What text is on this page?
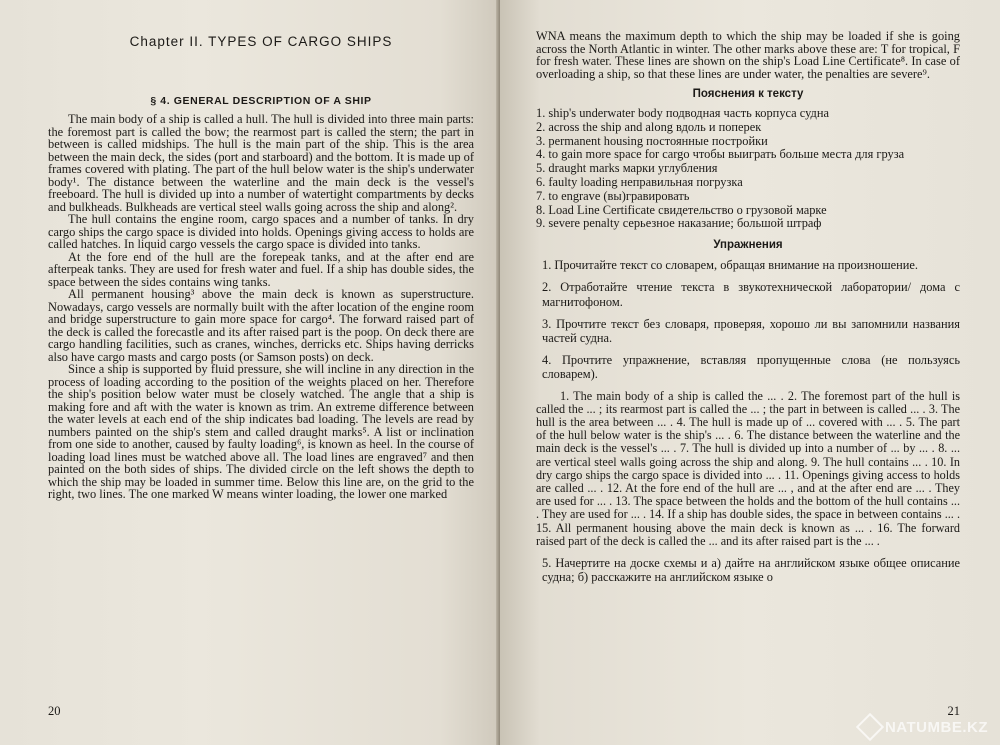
Chapter II. TYPES OF CARGO SHIPS
§ 4. GENERAL DESCRIPTION OF A SHIP

The main body of a ship is called a hull. The hull is divided into three main parts: the foremost part is called the bow; the rearmost part is called the stern; the part in between is called midships. The hull is the main part of the ship. This is the area between the main deck, the sides (port and starboard) and the bottom. It is made up of frames covered with plating. The part of the hull below water is the ship's underwater body¹. The distance between the waterline and the main deck is the vessel's freeboard. The hull is divided up into a number of watertight compartments by decks and bulkheads. Bulkheads are vertical steel walls going across the ship and along².

The hull contains the engine room, cargo spaces and a number of tanks. In dry cargo ships the cargo space is divided into holds. Openings giving access to holds are called hatches. In liquid cargo vessels the cargo space is divided into tanks.

At the fore end of the hull are the forepeak tanks, and at the after end are afterpeak tanks. They are used for fresh water and fuel. If a ship has double sides, the space between the sides contains wing tanks.

All permanent housing³ above the main deck is known as superstructure. Nowadays, cargo vessels are normally built with the after location of the engine room and bridge superstructure to gain more space for cargo⁴. The forward raised part of the deck is called the forecastle and its after raised part is the poop. On deck there are cargo handling facilities, such as cranes, winches, derricks etc. Ships having derricks also have cargo masts and cargo posts (or Samson posts) on deck.

Since a ship is supported by fluid pressure, she will incline in any direction in the process of loading according to the position of the weights placed on her. Therefore the ship's position below water must be closely watched. The angle that a ship is making fore and aft with the water is known as trim. An extreme difference between the water levels at each end of the ship indicates bad loading. The levels are read by numbers painted on the ship's stem and called draught marks⁵. A list or inclination from one side to another, caused by faulty loading⁶, is known as heel. In the course of loading load lines must be watched above all. The load lines are engraved⁷ and then painted on the both sides of ships. The divided circle on the left shows the depth to which the ship may be loaded in summer time. Below this line are, on the grid to the right, two lines. The one marked W means winter loading, the lower one marked

20

WNA means the maximum depth to which the ship may be loaded if she is going across the North Atlantic in winter. The other marks above these are: T for tropical, F for fresh water. These lines are shown on the ship's Load Line Certificate⁸. In case of overloading a ship, so that these lines are under water, the penalties are severe⁹.

Пояснения к тексту
1. ship's underwater body подводная часть корпуса судна
2. across the ship and along вдоль и поперек
3. permanent housing постоянные постройки
4. to gain more space for cargo чтобы выиграть больше места для груза
5. draught marks марки углубления
6. faulty loading неправильная погрузка
7. to engrave (вы)гравировать
8. Load Line Certificate свидетельство о грузовой марке
9. severe penalty серьезное наказание; большой штраф
Упражнения
1. Прочитайте текст со словарем, обращая внимание на произношение.
2. Отработайте чтение текста в звукотехнической лаборатории/ дома с магнитофоном.
3. Прочтите текст без словаря, проверяя, хорошо ли вы запомнили названия частей судна.
4. Прочтите упражнение, вставляя пропущенные слова (не пользуясь словарем).

1. The main body of a ship is called the ... . 2. The foremost part of the hull is called the ... ; its rearmost part is called the ... ; the part in between is called ... . 3. The hull is the area between ... . 4. The hull is made up of ... covered with ... . 5. The part of the hull below water is the ship's ... . 6. The distance between the waterline and the main deck is the vessel's ... . 7. The hull is divided up into a number of ... by ... . 8. ... are vertical steel walls going across the ship and along. 9. The hull contains ... . 10. In dry cargo ships the cargo space is divided into ... . 11. Openings giving access to holds are called ... . 12. At the fore end of the hull are ... , and at the after end are ... . They are used for ... . 13. The space between the holds and the bottom of the hull contains ... . They are used for ... . 14. If a ship has double sides, the space in between contains ... . 15. All permanent housing above the main deck is known as ... . 16. The forward raised part of the deck is called the ... and its after raised part is the ... .

5. Начертите на доске схемы и а) дайте на английском языке общее описание судна; б) расскажите на английском языке о
21
NATUMBE.KZ
